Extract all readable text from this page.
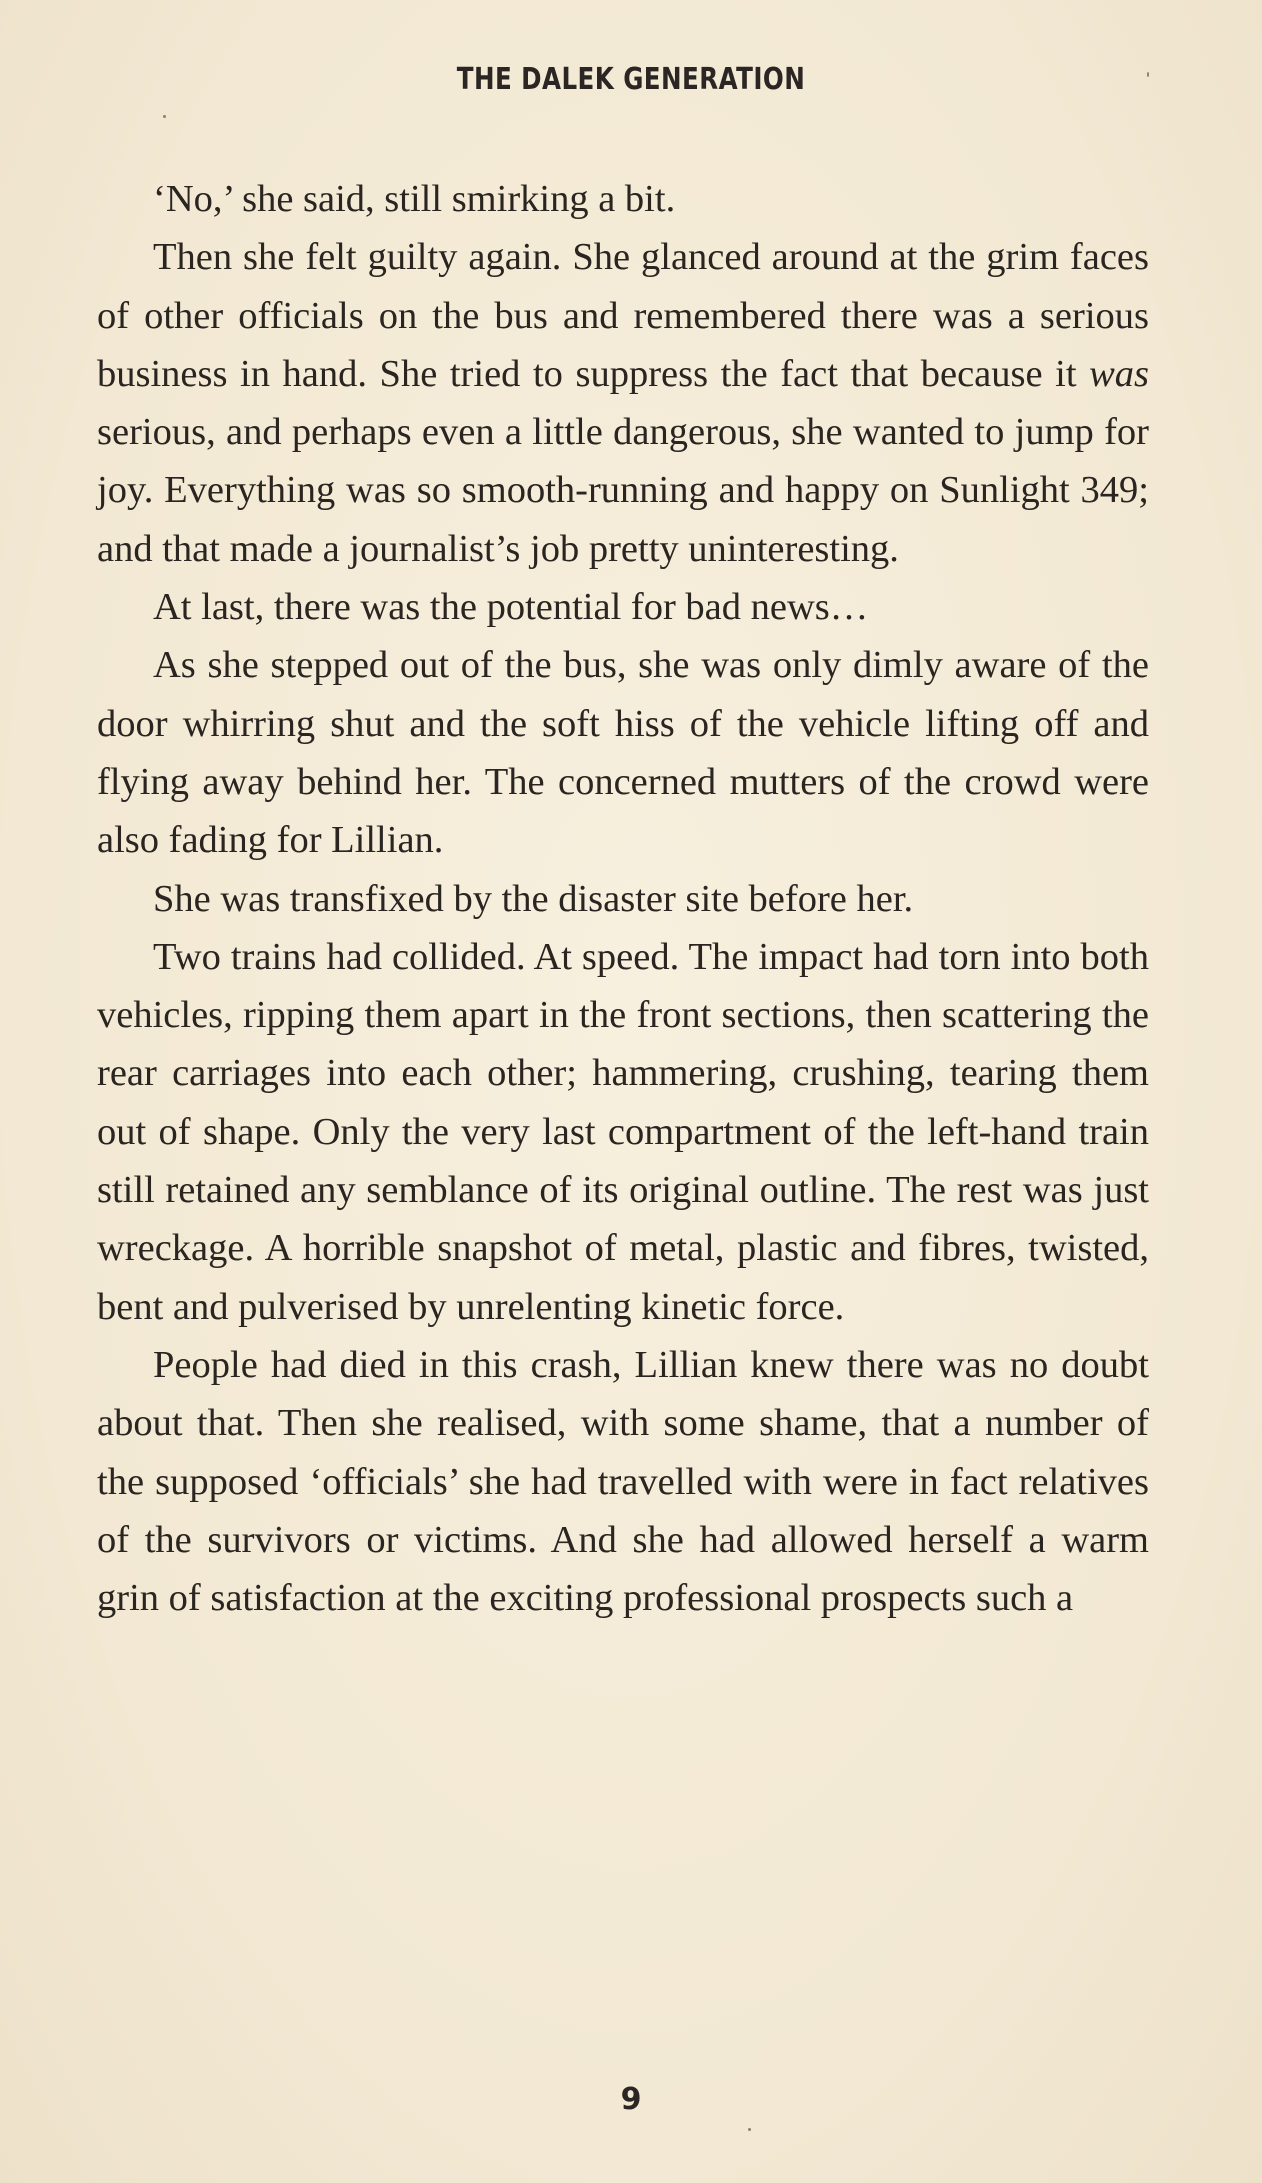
THE DALEK GENERATION

‘No,’ she said, still smirking a bit.

Then she felt guilty again. She glanced around at the grim faces of other officials on the bus and remembered there was a serious business in hand. She tried to suppress the fact that because it was serious, and perhaps even a little dangerous, she wanted to jump for joy. Everything was so smooth-running and happy on Sunlight 349; and that made a journalist’s job pretty uninteresting.

At last, there was the potential for bad news…

As she stepped out of the bus, she was only dimly aware of the door whirring shut and the soft hiss of the vehicle lifting off and flying away behind her. The concerned mutters of the crowd were also fading for Lillian.

She was transfixed by the disaster site before her.

Two trains had collided. At speed. The impact had torn into both vehicles, ripping them apart in the front sections, then scattering the rear carriages into each other; hammering, crushing, tearing them out of shape. Only the very last compartment of the left-hand train still retained any semblance of its original outline. The rest was just wreckage. A horrible snapshot of metal, plastic and fibres, twisted, bent and pulverised by unrelenting kinetic force.

People had died in this crash, Lillian knew there was no doubt about that. Then she realised, with some shame, that a number of the supposed ‘officials’ she had travelled with were in fact relatives of the survivors or victims. And she had allowed herself a warm grin of satisfaction at the exciting professional prospects such a

9
